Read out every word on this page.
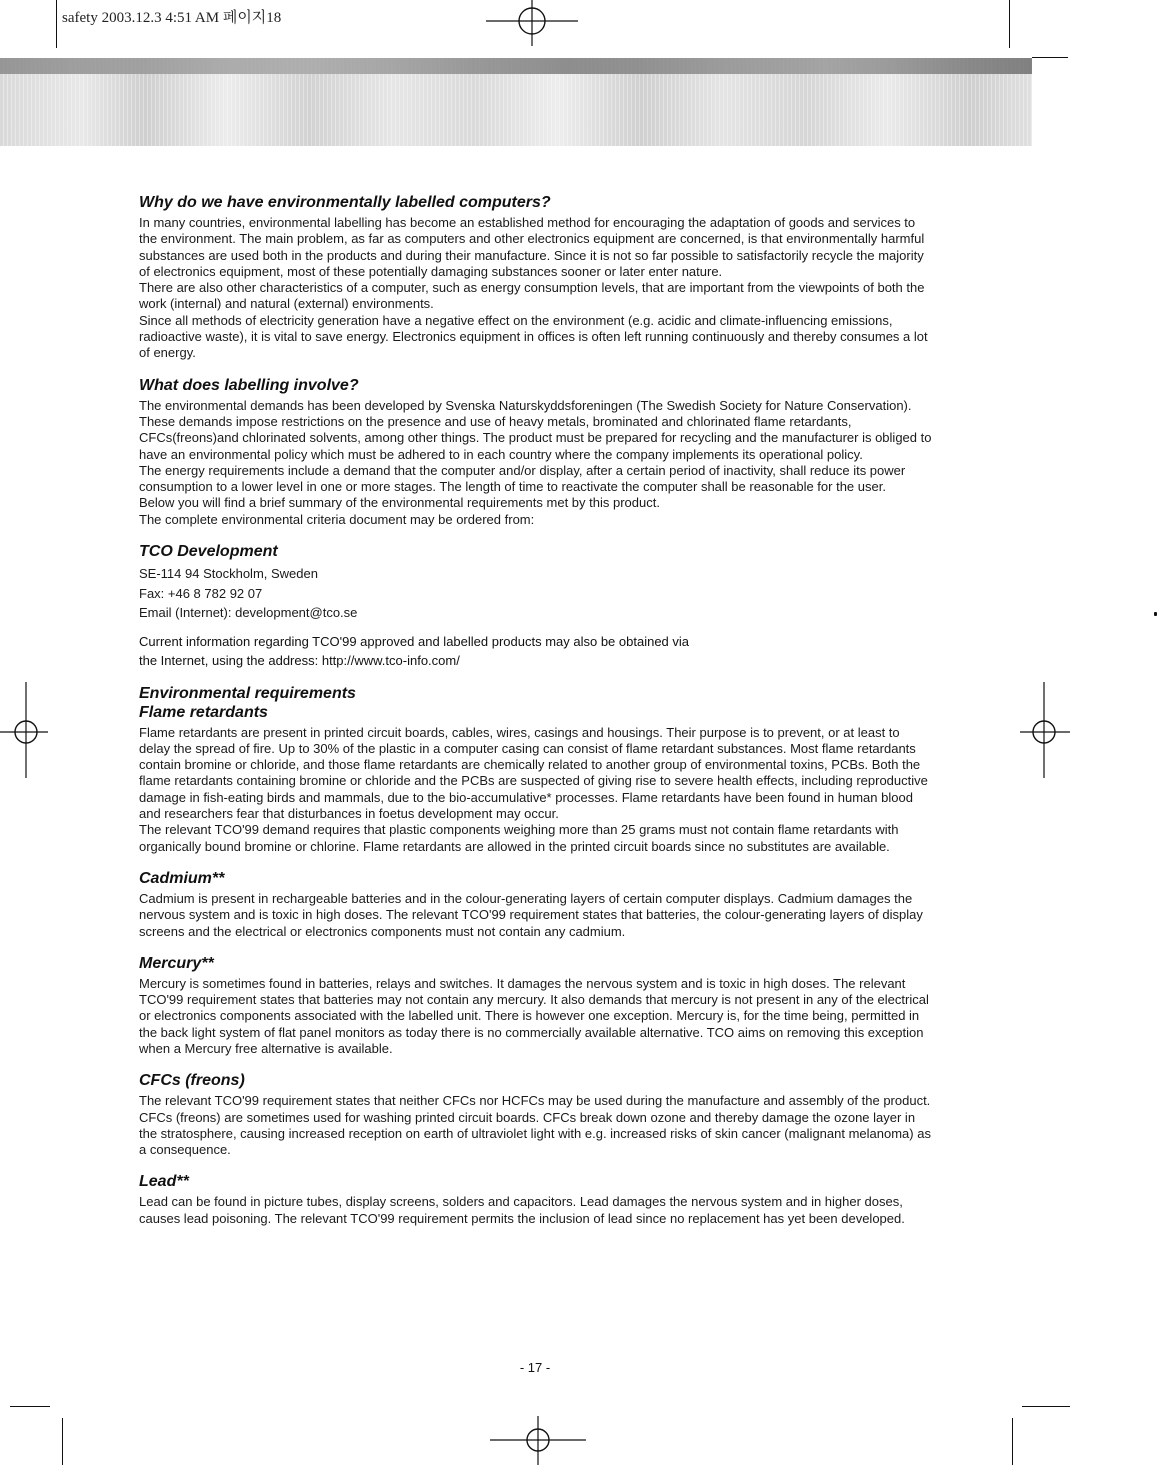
safety 2003.12.3 4:51 AM 페이지18
Why do we have environmentally labelled computers?

In many countries, environmental labelling has become an established method for encouraging the adaptation of goods and services to the environment. The main problem, as far as computers and other electronics equipment are concerned, is that environmentally harmful substances are used both in the products and during their manufacture. Since it is not so far possible to satisfactorily recycle the majority of electronics equipment, most of these potentially damaging substances sooner or later enter nature.

There are also other characteristics of a computer, such as energy consumption levels, that are important from the viewpoints of both the work (internal) and natural (external) environments.

Since all methods of electricity generation have a negative effect on the environment (e.g. acidic and climate-influencing emissions, radioactive waste), it is vital to save energy. Electronics equipment in offices is often left running continuously and thereby consumes a lot of energy.

What does labelling involve?

The environmental demands has been developed by Svenska Naturskyddsforeningen (The Swedish Society for Nature Conservation). These demands impose restrictions on the presence and use of heavy metals, brominated and chlorinated flame retardants, CFCs(freons)and chlorinated solvents, among other things. The product must be prepared for recycling and the manufacturer is obliged to have an environmental policy which must be adhered to in each country where the company implements its operational policy.

The energy requirements include a demand that the computer and/or display, after a certain period of inactivity, shall reduce its power consumption to a lower level in one or more stages. The length of time to reactivate the computer shall be reasonable for the user.

Below you will find a brief summary of the environmental requirements met by this product.

The complete environmental criteria document may be ordered from:

TCO Development

SE-114 94 Stockholm, Sweden

Fax: +46 8 782 92 07

Email (Internet): development@tco.se

Current information regarding TCO'99 approved and labelled products may also be obtained via
the Internet, using the address: http://www.tco-info.com/
Environmental requirements
Flame retardants

Flame retardants are present in printed circuit boards, cables, wires, casings and housings. Their purpose is to prevent, or at least to delay the spread of fire. Up to 30% of the plastic in a computer casing can consist of flame retardant substances. Most flame retardants contain bromine or chloride, and those flame retardants are chemically related to another group of environmental toxins, PCBs. Both the flame retardants containing bromine or chloride and the PCBs are suspected of giving rise to severe health effects, including reproductive damage in fish-eating birds and mammals, due to the bio-accumulative* processes. Flame retardants have been found in human blood and researchers fear that disturbances in foetus development may occur.

The relevant TCO'99 demand requires that plastic components weighing more than 25 grams must not contain flame retardants with organically bound bromine or chlorine. Flame retardants are allowed in the printed circuit boards since no substitutes are available.

Cadmium**

Cadmium is present in rechargeable batteries and in the colour-generating layers of certain computer displays. Cadmium damages the nervous system and is toxic in high doses. The relevant TCO'99 requirement states that batteries, the colour-generating layers of display screens and the electrical or electronics components must not contain any cadmium.

Mercury**

Mercury is sometimes found in batteries, relays and switches. It damages the nervous system and is toxic in high doses. The relevant TCO'99 requirement states that batteries may not contain any mercury. It also demands that mercury is not present in any of the electrical or electronics components associated with the labelled unit. There is however one exception. Mercury is, for the time being, permitted in the back light system of flat panel monitors as today there is no commercially available alternative. TCO aims on removing this exception when a Mercury free alternative is available.

CFCs (freons)

The relevant TCO'99 requirement states that neither CFCs nor HCFCs may be used during the manufacture and assembly of the product. CFCs (freons) are sometimes used for washing printed circuit boards. CFCs break down ozone and thereby damage the ozone layer in the stratosphere, causing increased reception on earth of ultraviolet light with e.g. increased risks of skin cancer (malignant melanoma) as a consequence.

Lead**

Lead can be found in picture tubes, display screens, solders and capacitors. Lead damages the nervous system and in higher doses, causes lead poisoning. The relevant TCO'99 requirement permits the inclusion of lead since no replacement has yet been developed.

- 17 -
